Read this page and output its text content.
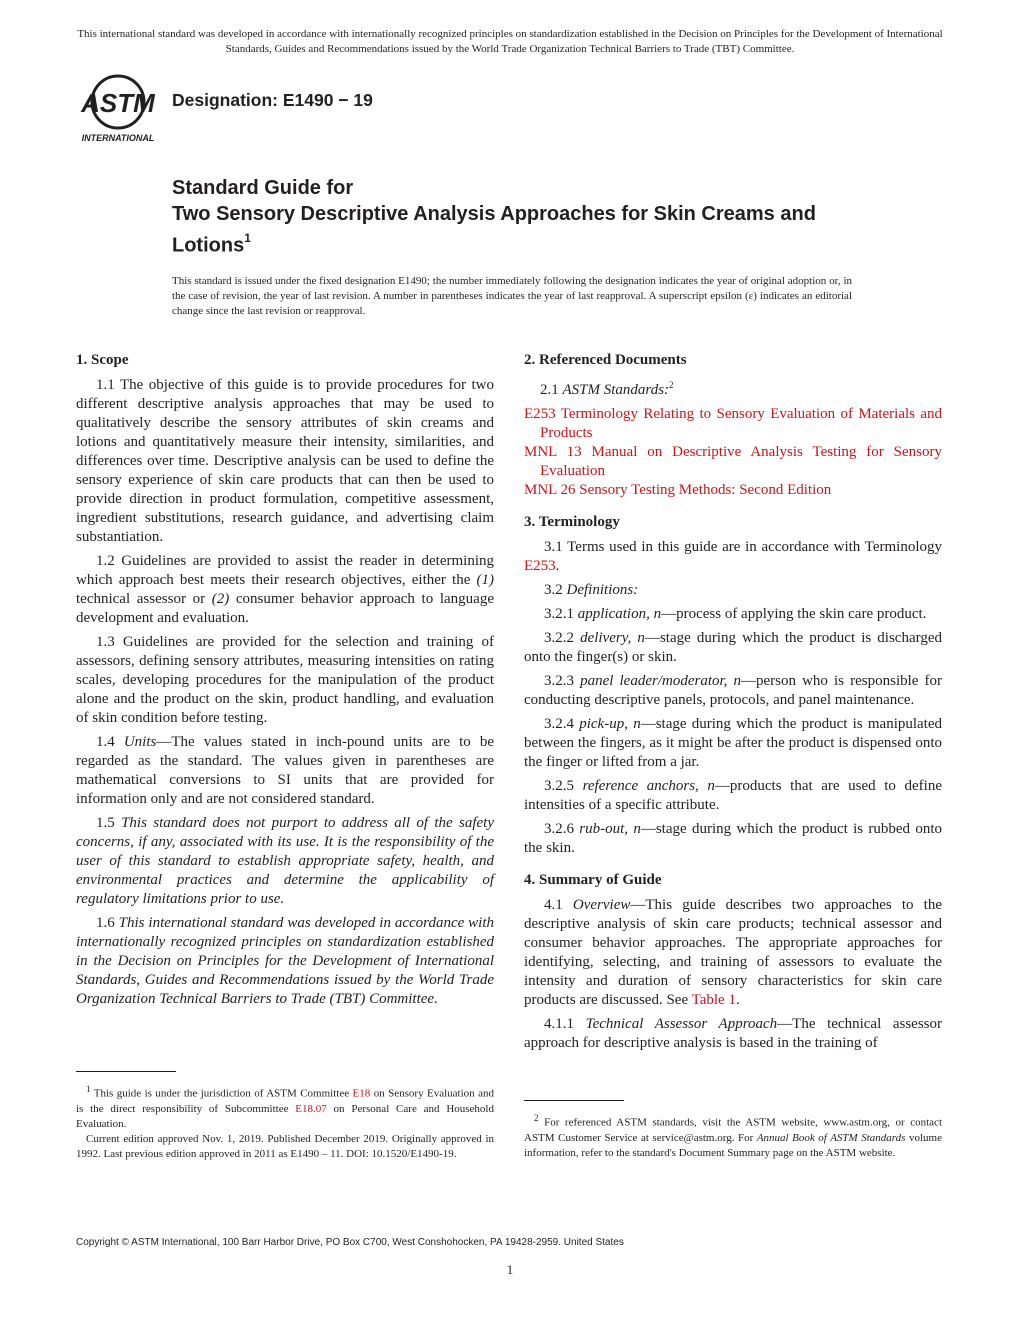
This international standard was developed in accordance with internationally recognized principles on standardization established in the Decision on Principles for the Development of International Standards, Guides and Recommendations issued by the World Trade Organization Technical Barriers to Trade (TBT) Committee.
ASTM
INTERNATIONAL
Designation: E1490 − 19
Standard Guide for
Two Sensory Descriptive Analysis Approaches for Skin Creams and Lotions$^1$
This standard is issued under the fixed designation E1490; the number immediately following the designation indicates the year of original adoption or, in the case of revision, the year of last revision. A number in parentheses indicates the year of last reapproval. A superscript epsilon (ε) indicates an editorial change since the last revision or reapproval.
1. Scope

1.1 The objective of this guide is to provide procedures for two different descriptive analysis approaches that may be used to qualitatively describe the sensory attributes of skin creams and lotions and quantitatively measure their intensity, similarities, and differences over time. Descriptive analysis can be used to define the sensory experience of skin care products that can then be used to provide direction in product formulation, competitive assessment, ingredient substitutions, research guidance, and advertising claim substantiation.

1.2 Guidelines are provided to assist the reader in determining which approach best meets their research objectives, either the (1) technical assessor or (2) consumer behavior approach to language development and evaluation.

1.3 Guidelines are provided for the selection and training of assessors, defining sensory attributes, measuring intensities on rating scales, developing procedures for the manipulation of the product alone and the product on the skin, product handling, and evaluation of skin condition before testing.

1.4 Units—The values stated in inch-pound units are to be regarded as the standard. The values given in parentheses are mathematical conversions to SI units that are provided for information only and are not considered standard.

1.5 This standard does not purport to address all of the safety concerns, if any, associated with its use. It is the responsibility of the user of this standard to establish appropriate safety, health, and environmental practices and determine the applicability of regulatory limitations prior to use.

1.6 This international standard was developed in accordance with internationally recognized principles on standardization established in the Decision on Principles for the Development of International Standards, Guides and Recommendations issued by the World Trade Organization Technical Barriers to Trade (TBT) Committee.

$^1$ This guide is under the jurisdiction of ASTM Committee E18 on Sensory Evaluation and is the direct responsibility of Subcommittee E18.07 on Personal Care and Household Evaluation.

Current edition approved Nov. 1, 2019. Published December 2019. Originally approved in 1992. Last previous edition approved in 2011 as E1490 – 11. DOI: 10.1520/E1490-19.

2. Referenced Documents

2.1 ASTM Standards:$^2$

E253 Terminology Relating to Sensory Evaluation of Materials and Products
MNL 13 Manual on Descriptive Analysis Testing for Sensory Evaluation
MNL 26 Sensory Testing Methods: Second Edition
3. Terminology

3.1 Terms used in this guide are in accordance with Terminology E253.

3.2 Definitions:

3.2.1 application, n—process of applying the skin care product.

3.2.2 delivery, n—stage during which the product is discharged onto the finger(s) or skin.

3.2.3 panel leader/moderator, n—person who is responsible for conducting descriptive panels, protocols, and panel maintenance.

3.2.4 pick-up, n—stage during which the product is manipulated between the fingers, as it might be after the product is dispensed onto the finger or lifted from a jar.

3.2.5 reference anchors, n—products that are used to define intensities of a specific attribute.

3.2.6 rub-out, n—stage during which the product is rubbed onto the skin.

4. Summary of Guide

4.1 Overview—This guide describes two approaches to the descriptive analysis of skin care products; technical assessor and consumer behavior approaches. The appropriate approaches for identifying, selecting, and training of assessors to evaluate the intensity and duration of sensory characteristics for skin care products are discussed. See Table 1.

4.1.1 Technical Assessor Approach—The technical assessor approach for descriptive analysis is based in the training of

$^2$ For referenced ASTM standards, visit the ASTM website, www.astm.org, or contact ASTM Customer Service at service@astm.org. For Annual Book of ASTM Standards volume information, refer to the standard's Document Summary page on the ASTM website.

Copyright © ASTM International, 100 Barr Harbor Drive, PO Box C700, West Conshohocken, PA 19428-2959. United States
1
